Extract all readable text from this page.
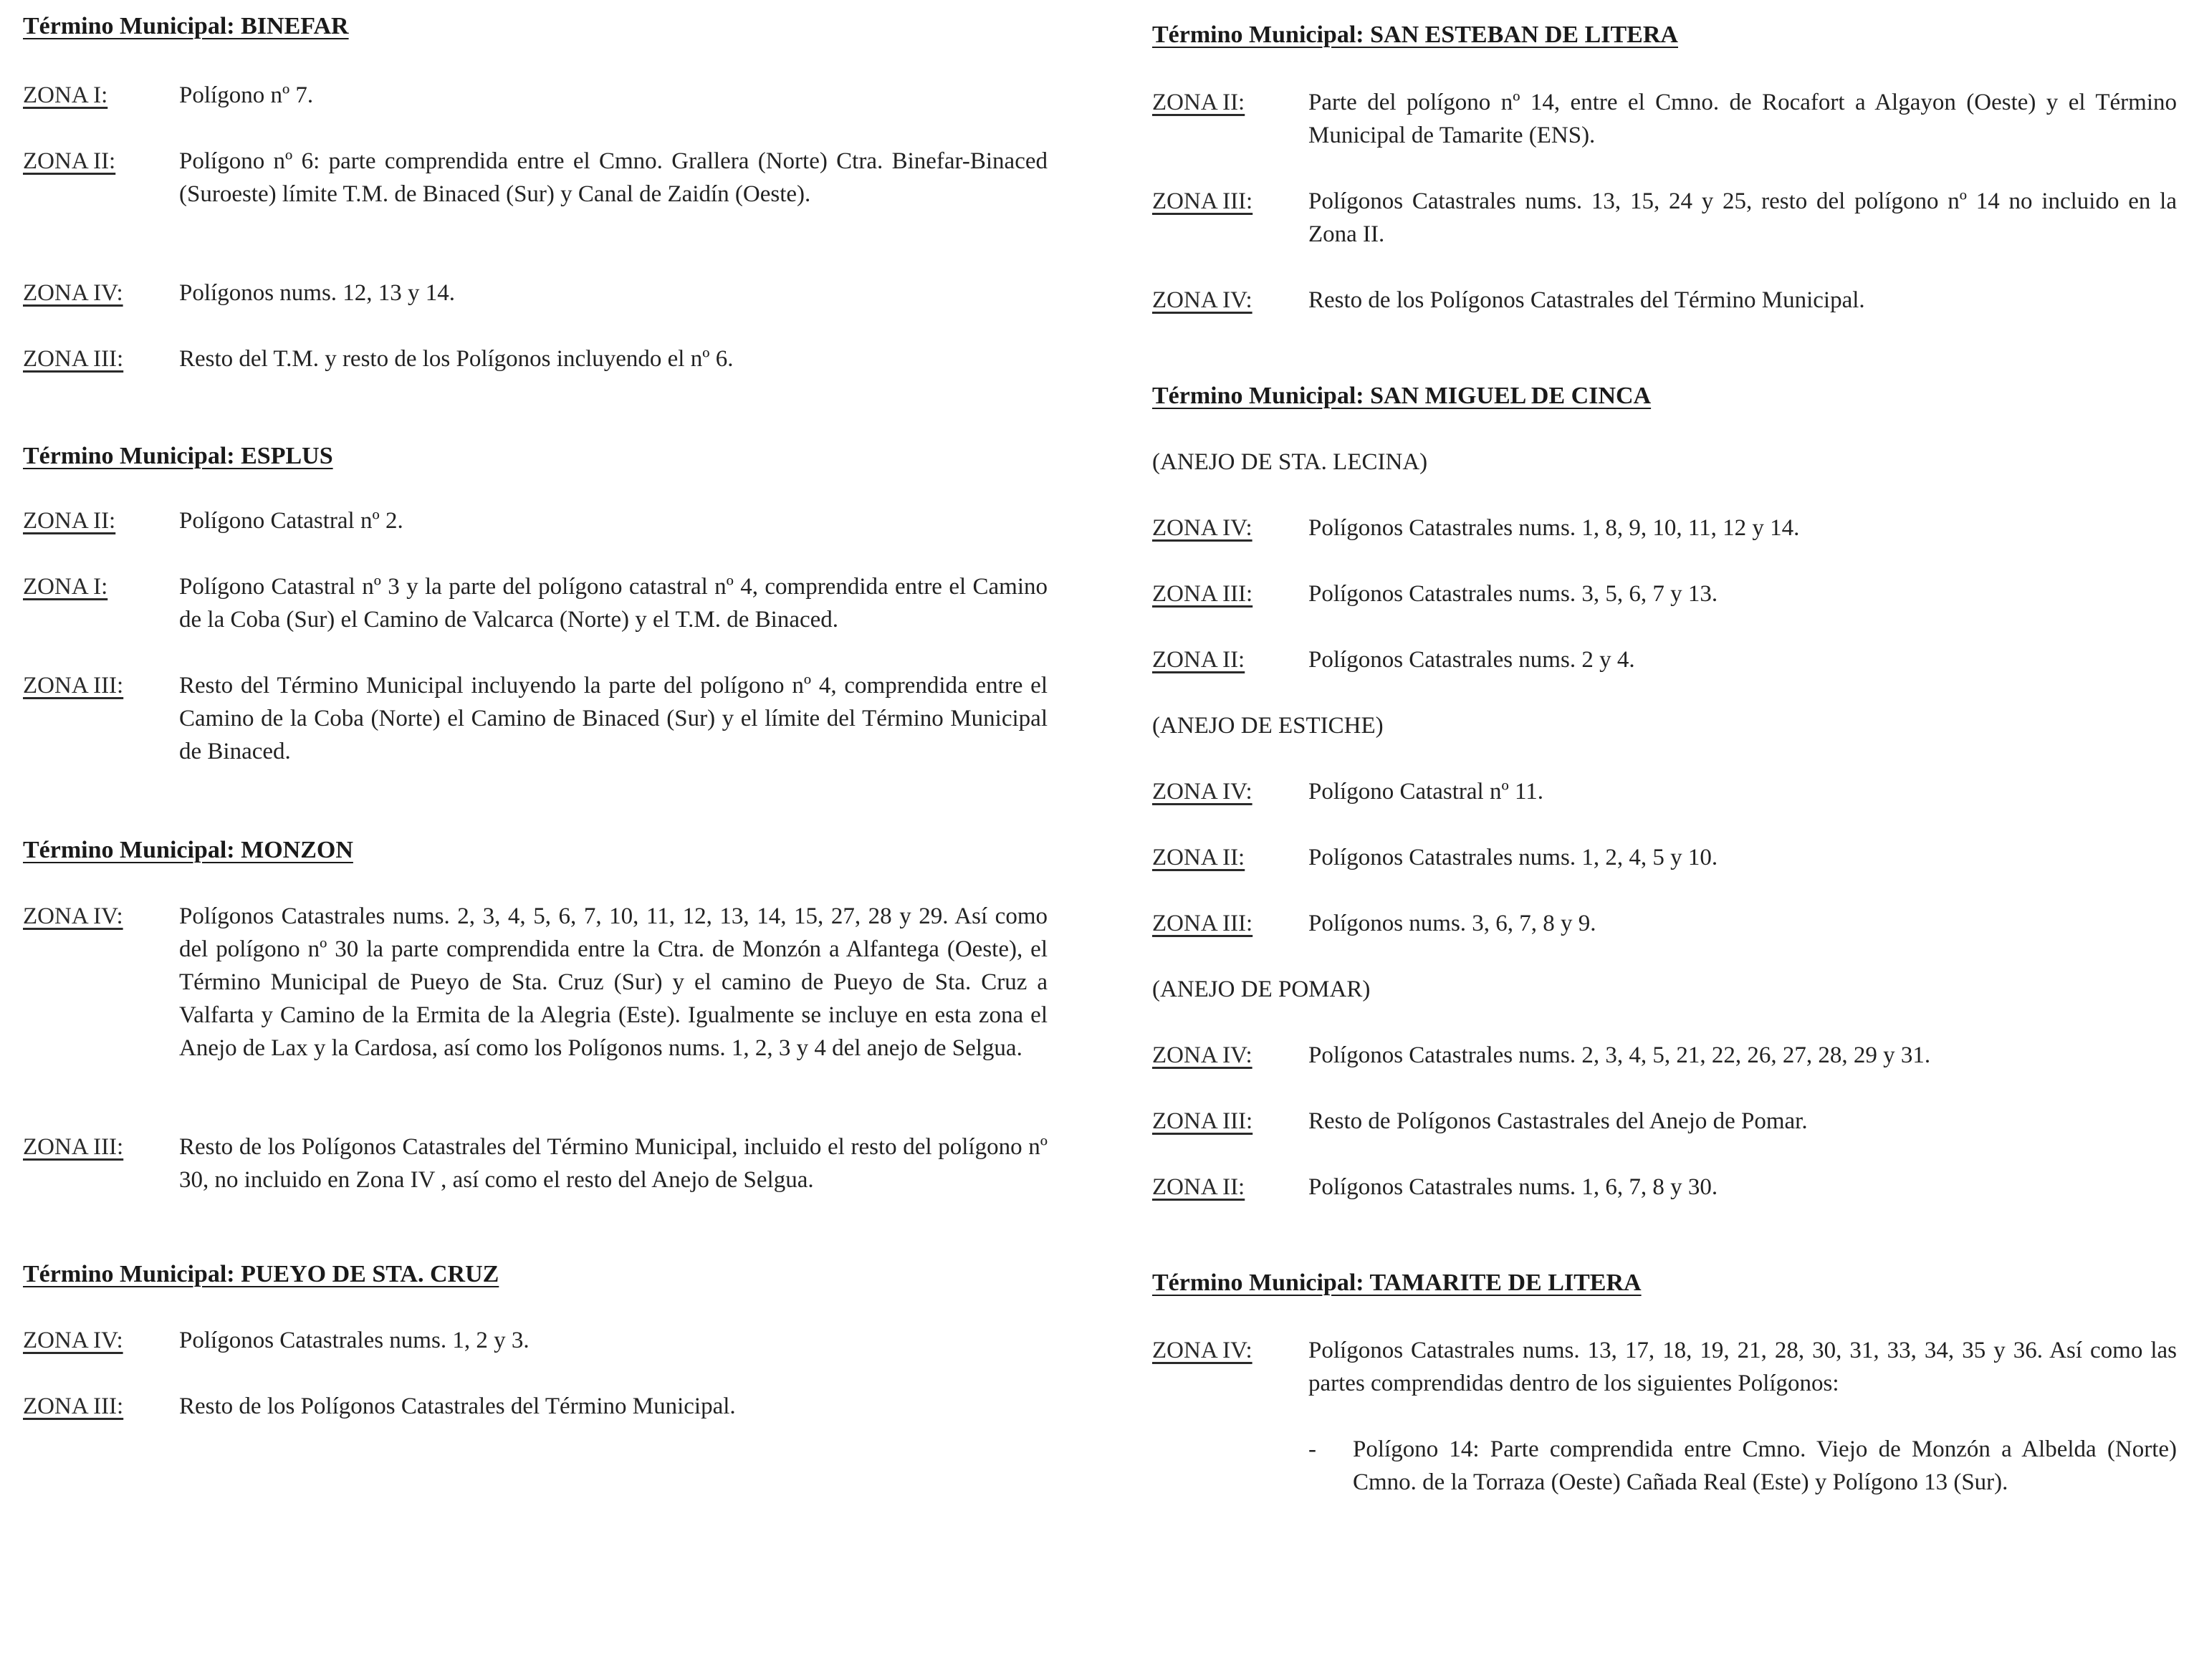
Término Municipal: BINEFAR
ZONA I:	Polígono nº 7.
ZONA II:	Polígono nº 6: parte comprendida entre el Cmno. Grallera (Norte) Ctra. Binefar-Binaced (Suroeste) límite T.M. de Binaced (Sur) y Canal de Zaidín (Oeste).
ZONA IV: Polígonos nums. 12, 13 y 14.
ZONA III: Resto del T.M. y resto de los Polígonos incluyendo el nº 6.
Término Municipal: ESPLUS
ZONA II:	Polígono Catastral nº 2.
ZONA I:	Polígono Catastral nº 3 y la parte del polígono catastral nº 4, comprendida entre el Camino de la Coba (Sur) el Camino de Valcarca (Norte) y el T.M. de Binaced.
ZONA III: Resto del Término Municipal incluyendo la parte del polígono nº 4, comprendida entre el Camino de la Coba (Norte) el Camino de Binaced (Sur) y el límite del Término Municipal de Binaced.
Término Municipal: MONZON
ZONA IV: Polígonos Catastrales nums. 2, 3, 4, 5, 6, 7, 10, 11, 12, 13, 14, 15, 27, 28 y 29. Así como del polígono nº 30 la parte comprendida entre la Ctra. de Monzón a Alfantega (Oeste), el Término Municipal de Pueyo de Sta. Cruz (Sur) y el camino de Pueyo de Sta. Cruz a Valfarta y Camino de la Ermita de la Alegria (Este). Igualmente se incluye en esta zona el Anejo de Lax y la Cardosa, así como los Polígonos nums. 1, 2, 3 y 4 del anejo de Selgua.
ZONA III: Resto de los Polígonos Catastrales del Término Municipal, incluido el resto del polígono nº 30, no incluido en Zona IV , así como el resto del Anejo de Selgua.
Término Municipal: PUEYO DE STA. CRUZ
ZONA IV: Polígonos Catastrales nums. 1, 2 y 3.
ZONA III: Resto de los Polígonos Catastrales del Término Municipal.
Término Municipal: SAN ESTEBAN DE LITERA
ZONA II:	Parte del polígono nº 14, entre el Cmno. de Rocafort a Algayon (Oeste) y el Término Municipal de Tamarite (ENS).
ZONA III: Polígonos Catastrales nums. 13, 15, 24 y 25, resto del polígono nº 14 no incluido en la Zona II.
ZONA IV: Resto de los Polígonos Catastrales del Término Municipal.
Término Municipal: SAN MIGUEL DE CINCA
(ANEJO DE STA. LECINA)
ZONA IV: Polígonos Catastrales nums. 1, 8, 9, 10, 11, 12 y 14.
ZONA III: Polígonos Catastrales nums. 3, 5, 6, 7 y 13.
ZONA II:	Polígonos Catastrales nums. 2 y 4.
(ANEJO DE ESTICHE)
ZONA IV: Polígono Catastral nº 11.
ZONA II:	Polígonos Catastrales nums. 1, 2, 4, 5 y 10.
ZONA III: Polígonos nums. 3, 6, 7, 8 y 9.
(ANEJO DE POMAR)
ZONA IV: Polígonos Catastrales nums. 2, 3, 4, 5, 21, 22, 26, 27, 28, 29 y 31.
ZONA III: Resto de Polígonos Castastrales del Anejo de Pomar.
ZONA II:	Polígonos Catastrales nums. 1, 6, 7, 8 y 30.
Término Municipal: TAMARITE DE LITERA
ZONA IV: Polígonos Catastrales nums. 13, 17, 18, 19, 21, 28, 30, 31, 33, 34, 35 y 36. Así como las partes comprendidas dentro de los siguientes Polígonos:
- Polígono 14: Parte comprendida entre Cmno. Viejo de Monzón a Albelda (Norte) Cmno. de la Torraza (Oeste) Cañada Real (Este) y Polígono 13 (Sur).
